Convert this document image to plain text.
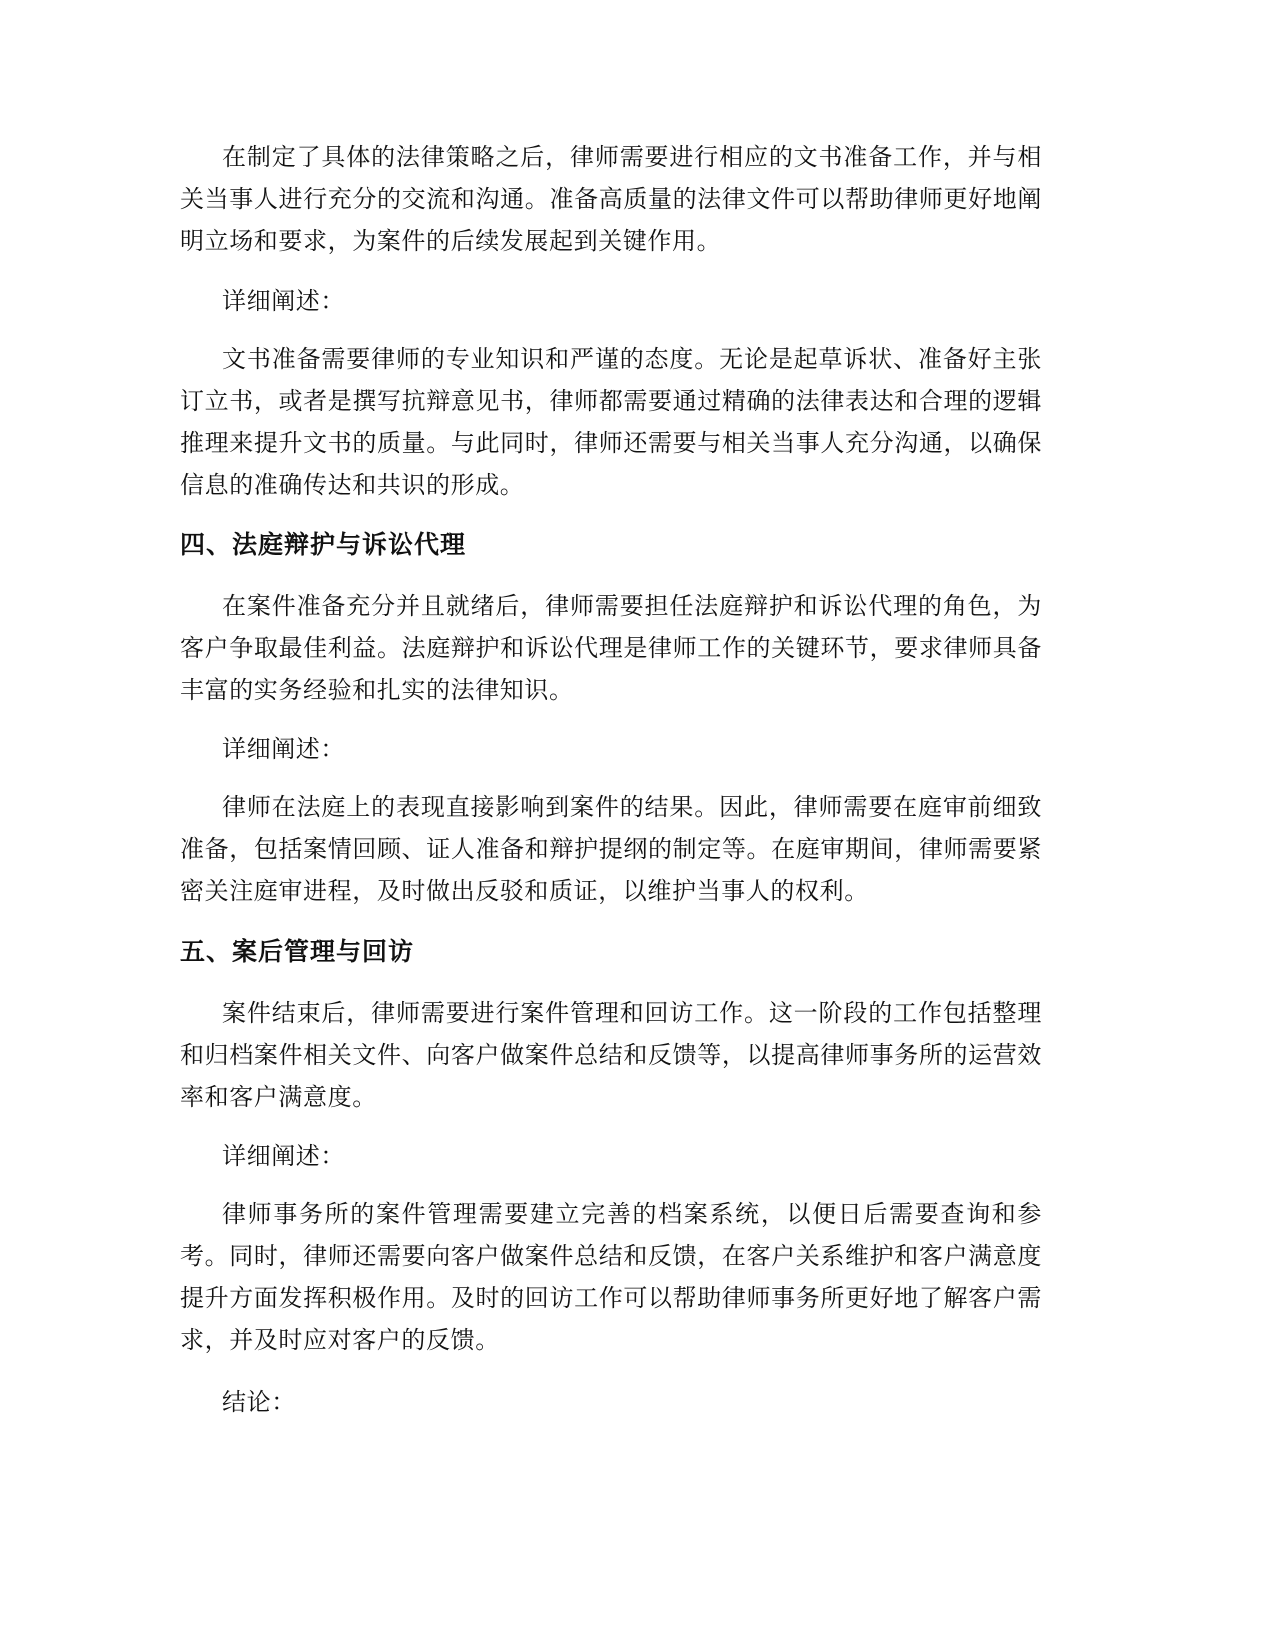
在制定了具体的法律策略之后，律师需要进行相应的文书准备工作，并与相关当事人进行充分的交流和沟通。准备高质量的法律文件可以帮助律师更好地阐明立场和要求，为案件的后续发展起到关键作用。

详细阐述：

文书准备需要律师的专业知识和严谨的态度。无论是起草诉状、准备好主张订立书，或者是撰写抗辩意见书，律师都需要通过精确的法律表达和合理的逻辑推理来提升文书的质量。与此同时，律师还需要与相关当事人充分沟通，以确保信息的准确传达和共识的形成。

四、法庭辩护与诉讼代理

在案件准备充分并且就绪后，律师需要担任法庭辩护和诉讼代理的角色，为客户争取最佳利益。法庭辩护和诉讼代理是律师工作的关键环节，要求律师具备丰富的实务经验和扎实的法律知识。

详细阐述：

律师在法庭上的表现直接影响到案件的结果。因此，律师需要在庭审前细致准备，包括案情回顾、证人准备和辩护提纲的制定等。在庭审期间，律师需要紧密关注庭审进程，及时做出反驳和质证，以维护当事人的权利。

五、案后管理与回访

案件结束后，律师需要进行案件管理和回访工作。这一阶段的工作包括整理和归档案件相关文件、向客户做案件总结和反馈等，以提高律师事务所的运营效率和客户满意度。

详细阐述：

律师事务所的案件管理需要建立完善的档案系统，以便日后需要查询和参考。同时，律师还需要向客户做案件总结和反馈，在客户关系维护和客户满意度提升方面发挥积极作用。及时的回访工作可以帮助律师事务所更好地了解客户需求，并及时应对客户的反馈。

结论：
